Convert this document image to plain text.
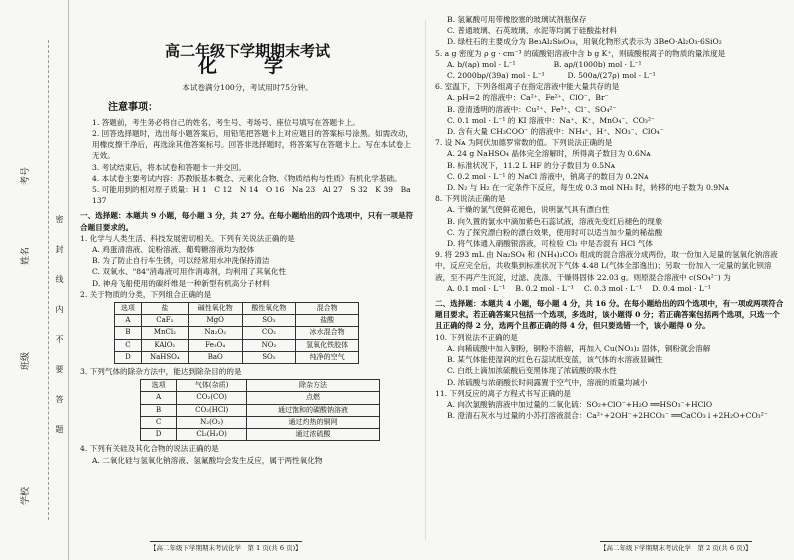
考号
姓名
班级
学校
密
封
线
内
不
要
答
题
高二年级下学期期末考试
化　学
本试卷满分100分，考试用时75分钟。
注意事项：

1. 答题前，考生务必将自己的姓名、考生号、考场号、座位号填写在答题卡上。

2. 回答选择题时，选出每小题答案后，用铅笔把答题卡上对应题目的答案标号涂黑。如需改动，用橡皮擦干净后，再选涂其他答案标号。回答非选择题时，将答案写在答题卡上。写在本试卷上无效。

3. 考试结束后，将本试卷和答题卡一并交回。

4. 本试卷主要考试内容：苏教版基本概念、元素化合物、《物质结构与性质》有机化学基础。

5. 可能用到的相对原子质量：H 1　C 12　N 14　O 16　Na 23　Al 27　S 32　K 39　Ba 137

一、选择题：本题共 9 小题，每小题 3 分，共 27 分。在每小题给出的四个选项中，只有一项是符合题目要求的。

1. 化学与人类生活、科技发展密切相关。下列有关说法正确的是

A. 鸡蛋清溶液、淀粉溶液、葡萄糖溶液均为胶体

B. 为了防止自行车生锈，可以经常用水冲洗保持清洁

C. 双氧水、"84"消毒液可用作消毒剂，均利用了其氧化性

D. 神舟飞船使用的碳纤维是一种新型有机高分子材料

2. 关于物质的分类，下列组合正确的是

选项	盐	碱性氧化物	酸性氧化物	混合物
A	CaF₂	MgO	SO₃	盐酸
B	MnCl₂	Na₂O₂	CO₂	冰水混合物
C	KAlO₂	Fe₃O₄	NO₂	氢氧化铁胶体
D	NaHSO₄	BaO	SO₂	纯净的空气

3. 下列气体的除杂方法中，能达到除杂目的的是

选项	气体(杂质)	除杂方法
A	CO₂(CO)	点燃
B	CO₂(HCl)	通过饱和的碳酸钠溶液
C	N₂(O₂)	通过灼热的铜网
D	Cl₂(H₂O)	通过浓硫酸

4. 下列有关硅及其化合物的说法正确的是

A. 二氧化硅与氢氧化钠溶液、氢氟酸均会发生反应，属于两性氧化物

B. 氢氟酸可用带橡胶塞的玻璃试剂瓶保存

C. 普通玻璃、石英玻璃、水泥等均属于硅酸盐材料

D. 绿柱石的主要成分为 Be₃Al₂Si₆O₁₈，用氧化物形式表示为 3BeO·Al₂O₃·6SiO₂

5. a g 密度为 ρ g · cm⁻³ 的硫酸铝溶液中含 b g K⁺，则硫酸根离子的物质的量浓度是

A. b/(aρ) mol · L⁻¹　　　　　	B. aρ/(1000b) mol · L⁻¹

C. 2000bρ/(39a) mol · L⁻¹　　　	D. 500a/(27ρ) mol · L⁻¹

6. 室温下，下列各组离子在指定溶液中能大量共存的是

A. pH=2 的溶液中：Ca²⁺、Fe²⁺、ClO⁻、Br⁻

B. 澄清透明的溶液中：Cu²⁺、Fe³⁺、Cl⁻、SO₄²⁻

C. 0.1 mol · L⁻¹ 的 KI 溶液中：Na⁺、K⁺、MnO₄⁻、CO₃²⁻

D. 含有大量 CH₃COO⁻ 的溶液中：NH₄⁺、H⁺、NO₃⁻、ClO₄⁻

7. 设 Nᴀ 为阿伏加德罗常数的值。下列说法正确的是

A. 24 g NaHSO₄ 晶体完全溶解时，所得离子数目为 0.6Nᴀ

B. 标准状况下，11.2 L HF 的分子数目为 0.5Nᴀ

C. 0.2 mol · L⁻¹ 的 NaCl 溶液中，钠离子的数目为 0.2Nᴀ

D. N₂ 与 H₂ 在一定条件下反应，每生成 0.3 mol NH₃ 时，转移的电子数为 0.9Nᴀ

8. 下列说法正确的是

A. 干燥的氯气使鲜花褪色，说明氯气具有漂白性

B. 向久置的氯水中滴加紫色石蕊试液，溶液先变红后褪色的现象

C. 为了探究漂白粉的漂白效果，使用时可以适当加少量的稀盐酸

D. 将气体通入硝酸银溶液，可检验 Cl₂ 中是否混有 HCl 气体

9. 将 293 mL 由 Na₂SO₄ 和 (NH₄)₂CO₃ 组成的混合溶液分成两份，取一份加入足量的氢氧化钠溶液中，反应完全后，共收集到标准状况下气体 4.48 L(气体全部逸出)；另取一份加入一定量的氯化钡溶液，至不再产生沉淀，过滤、洗涤、干燥得固体 22.03 g。则原混合溶液中 c(SO₄²⁻) 为

A. 0.1 mol · L⁻¹　 B. 0.2 mol · L⁻¹　 C. 0.3 mol · L⁻¹　 D. 0.4 mol · L⁻¹

二、选择题：本题共 4 小题，每小题 4 分，共 16 分。在每小题给出的四个选项中，有一项或两项符合题目要求。若正确答案只包括一个选项，多选时，该小题得 0 分；若正确答案包括两个选项，只选一个且正确的得 2 分，选两个且都正确的得 4 分，但只要选错一个，该小题得 0 分。

10. 下列说法不正确的是

A. 向稀硫酸中加入铜粉，铜粉不溶解，再加入 Cu(NO₃)₂ 固体，铜粉就会溶解

B. 某气体能使湿润的红色石蕊试纸变蓝，该气体的水溶液显碱性

C. 白纸上滴加浓硫酸后变黑体现了浓硫酸的吸水性

D. 浓硫酸与浓硝酸长时间露置于空气中，溶液的质量均减小

11. 下列反应的离子方程式书写正确的是

A. 向次氯酸钠溶液中加过量的二氧化硫：SO₂+ClO⁻+H₂O ══HSO₃⁻+HClO

B. 澄清石灰水与过量的小苏打溶液混合：Ca²⁺+2OH⁻+2HCO₃⁻ ══CaCO₃↓+2H₂O+CO₃²⁻

【高二年级下学期期末考试化学　第 1 页(共 6 页)】	【高二年级下学期期末考试化学　第 2 页(共 6 页)】
